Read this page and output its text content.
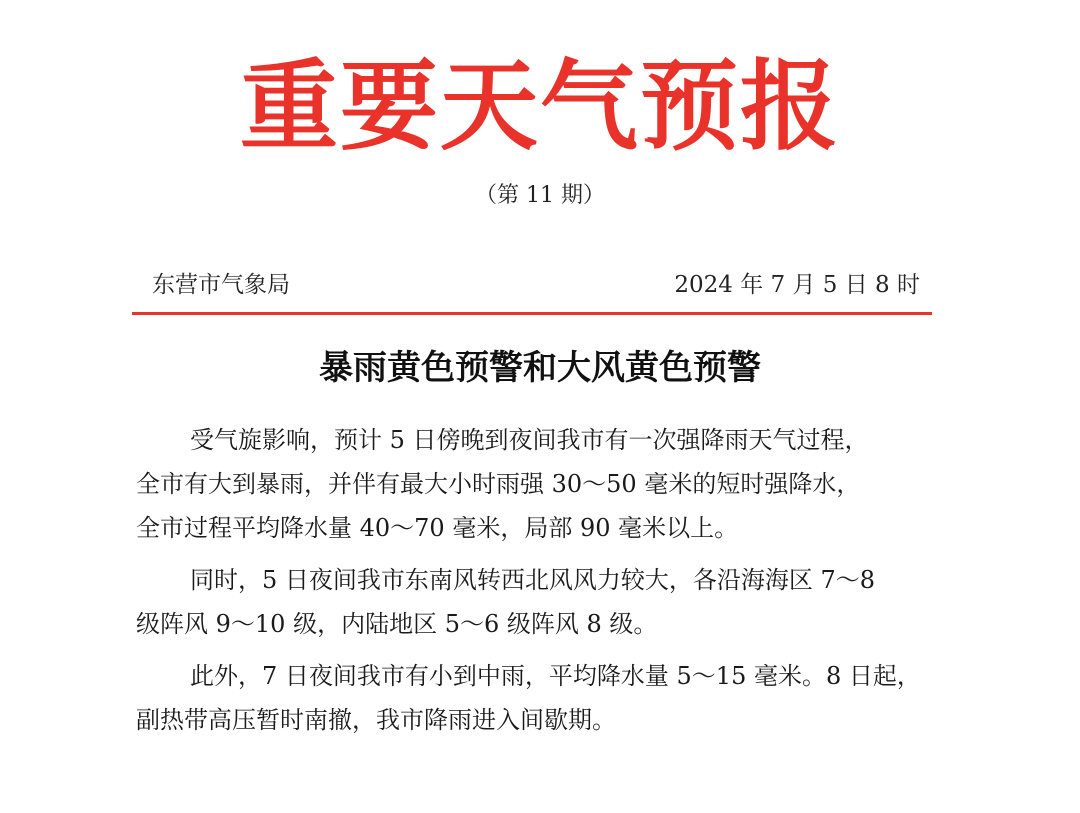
重要天气预报
（第 11 期）
东营市气象局	2024 年 7 月 5 日 8 时
暴雨黄色预警和大风黄色预警
受气旋影响，预计 5 日傍晚到夜间我市有一次强降雨天气过程，
全市有大到暴雨，并伴有最大小时雨强 30～50 毫米的短时强降水，
全市过程平均降水量 40～70 毫米，局部 90 毫米以上。
同时，5 日夜间我市东南风转西北风风力较大，各沿海海区 7～8
级阵风 9～10 级，内陆地区 5～6 级阵风 8 级。
此外，7 日夜间我市有小到中雨，平均降水量 5～15 毫米。8 日起，
副热带高压暂时南撤，我市降雨进入间歇期。
